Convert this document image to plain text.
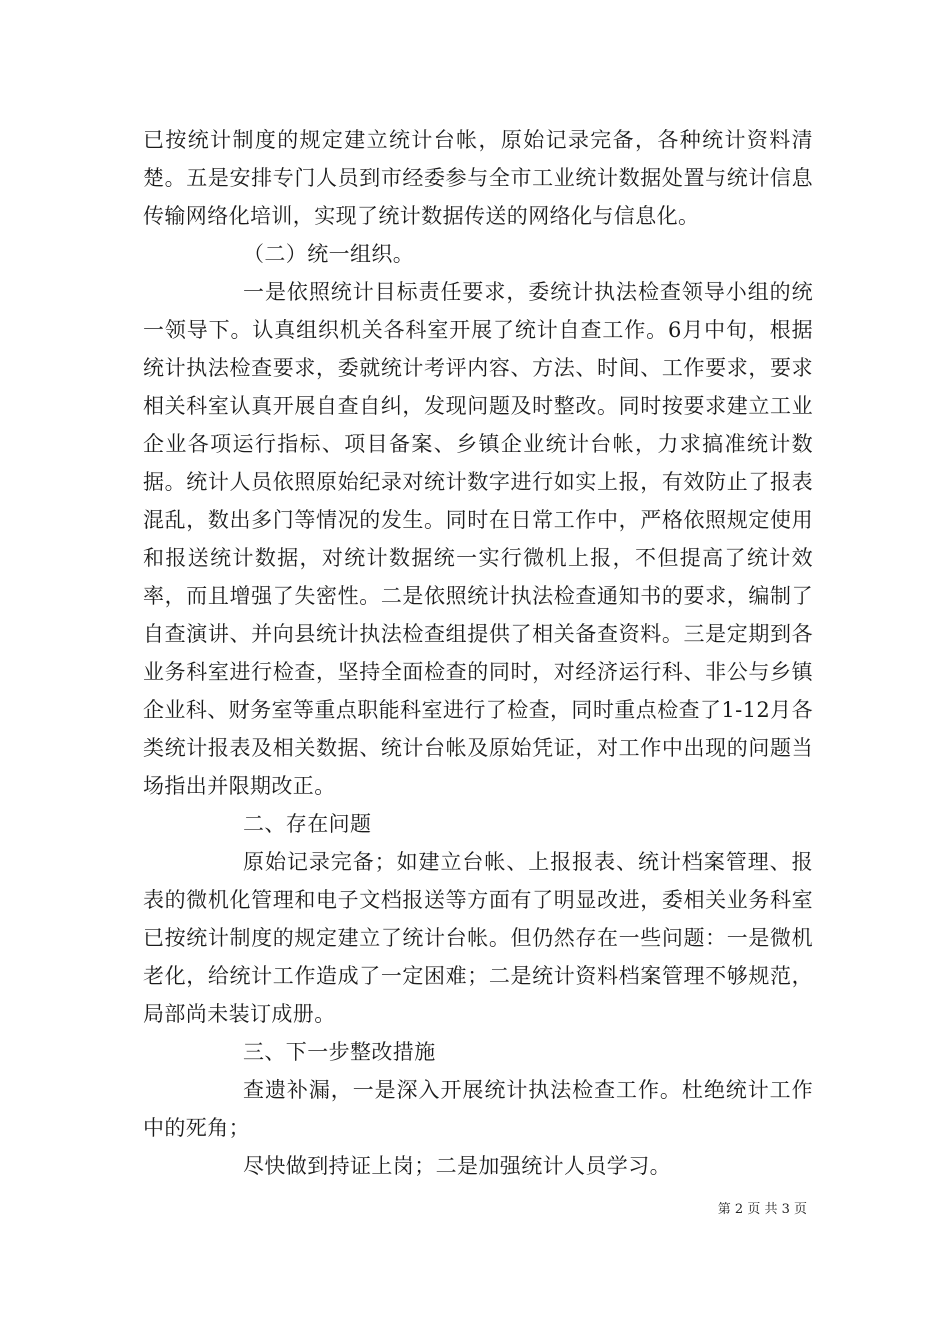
已按统计制度的规定建立统计台帐，原始记录完备，各种统计资料清楚。五是安排专门人员到市经委参与全市工业统计数据处置与统计信息传输网络化培训，实现了统计数据传送的网络化与信息化。

（二）统一组织。

一是依照统计目标责任要求，委统计执法检查领导小组的统一领导下。认真组织机关各科室开展了统计自查工作。6月中旬，根据统计执法检查要求，委就统计考评内容、方法、时间、工作要求，要求相关科室认真开展自查自纠，发现问题及时整改。同时按要求建立工业企业各项运行指标、项目备案、乡镇企业统计台帐，力求搞准统计数据。统计人员依照原始纪录对统计数字进行如实上报，有效防止了报表混乱，数出多门等情况的发生。同时在日常工作中，严格依照规定使用和报送统计数据，对统计数据统一实行微机上报，不但提高了统计效率，而且增强了失密性。二是依照统计执法检查通知书的要求，编制了自查演讲、并向县统计执法检查组提供了相关备查资料。三是定期到各业务科室进行检查，坚持全面检查的同时，对经济运行科、非公与乡镇企业科、财务室等重点职能科室进行了检查，同时重点检查了1-12月各类统计报表及相关数据、统计台帐及原始凭证，对工作中出现的问题当场指出并限期改正。

二、存在问题

原始记录完备；如建立台帐、上报报表、统计档案管理、报表的微机化管理和电子文档报送等方面有了明显改进，委相关业务科室已按统计制度的规定建立了统计台帐。但仍然存在一些问题：一是微机老化，给统计工作造成了一定困难；二是统计资料档案管理不够规范，局部尚未装订成册。

三、下一步整改措施

查遗补漏，一是深入开展统计执法检查工作。杜绝统计工作中的死角；

尽快做到持证上岗；二是加强统计人员学习。

第 2 页 共 3 页
